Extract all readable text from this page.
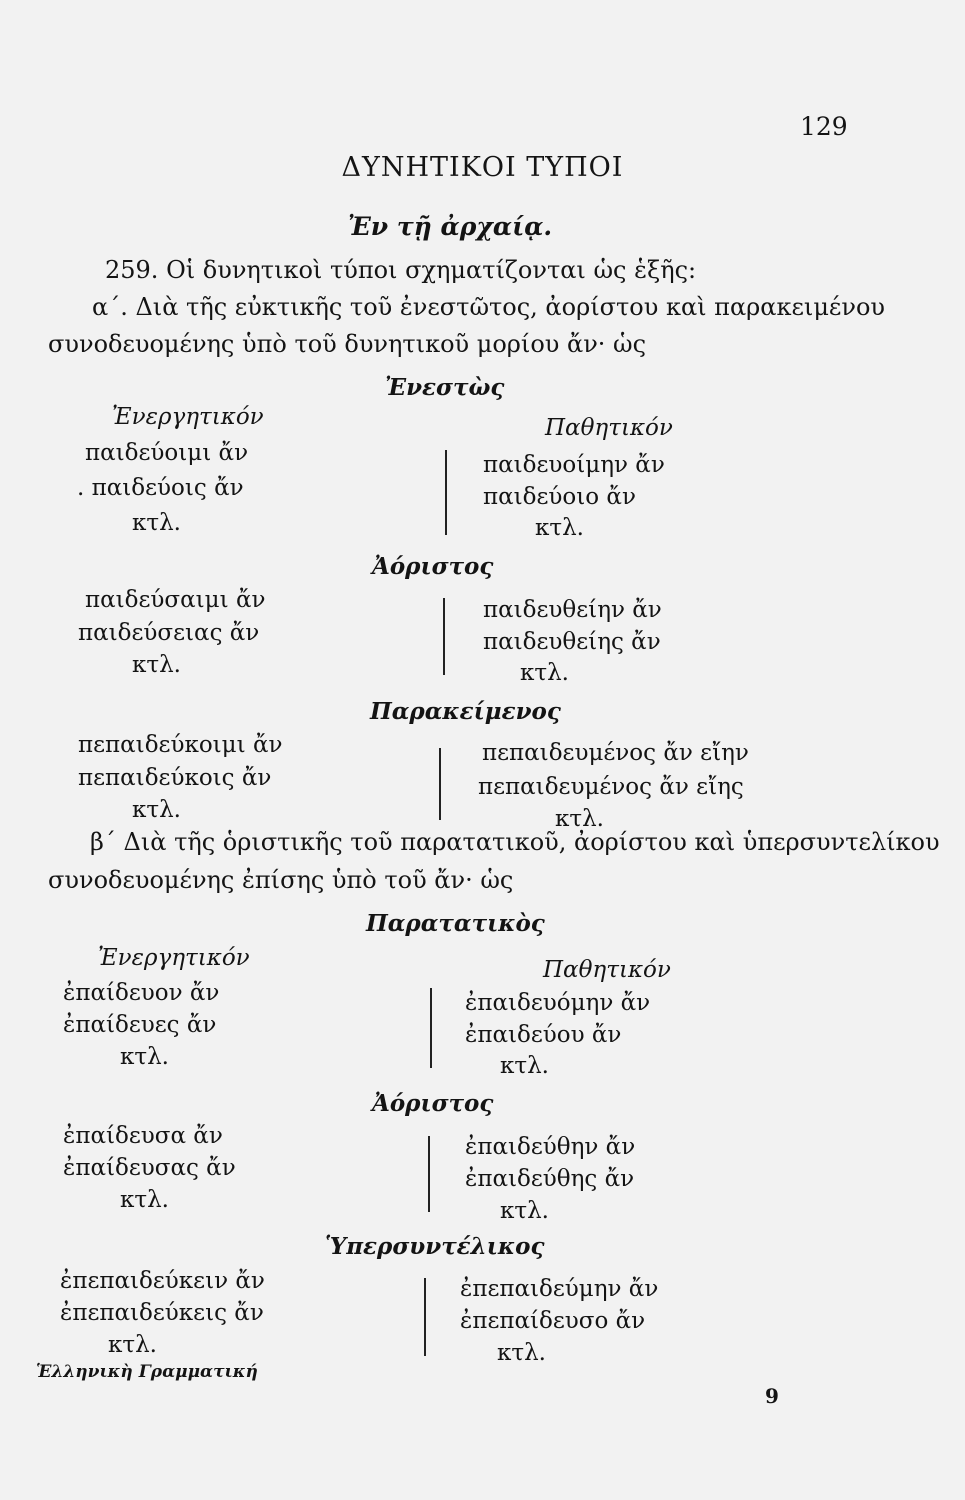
129
ΔΥΝΗΤΙΚΟΙ ΤΥΠΟΙ
Ἐν τῇ ἀρχαίᾳ.
259. Οἱ δυνητικοὶ τύποι σχηματίζονται ὡς ἑξῆς:
α΄. Διὰ τῆς εὐκτικῆς τοῦ ἐνεστῶτος, ἀορίστου καὶ παρακειμένου
συνοδευομένης ὑπὸ τοῦ δυνητικοῦ μορίου ἄν· ὡς
Ἐνεστὼς
Ἐνεργητικόν	Παθητικόν
παιδεύοιμι ἄν
. παιδεύοις ἄν
κτλ.
παιδευοίμην ἄν
παιδεύοιο ἄν
κτλ.
Ἀόριστος
παιδεύσαιμι ἄν
παιδεύσειας ἄν
κτλ.
παιδευθείην ἄν
παιδευθείης ἄν
κτλ.
Παρακείμενος
πεπαιδεύκοιμι ἄν
πεπαιδεύκοις ἄν
κτλ.
πεπαιδευμένος ἄν εἴην
πεπαιδευμένος ἄν εἴης
κτλ.
β΄ Διὰ τῆς ὁριστικῆς τοῦ παρατατικοῦ, ἀορίστου καὶ ὑπερσυντελίκου
συνοδευομένης ἐπίσης ὑπὸ τοῦ ἄν· ὡς
Παρατατικὸς
Ἐνεργητικόν	Παθητικόν
ἐπαίδευον ἄν
ἐπαίδευες ἄν
κτλ.
ἐπαιδευόμην ἄν
ἐπαιδεύου ἄν
κτλ.
Ἀόριστος
ἐπαίδευσα ἄν
ἐπαίδευσας ἄν
κτλ.
ἐπαιδεύθην ἄν
ἐπαιδεύθης ἄν
κτλ.
Ὑπερσυντέλικος
ἐπεπαιδεύκειν ἄν
ἐπεπαιδεύκεις ἄν
κτλ.
ἐπεπαιδεύμην ἄν
ἐπεπαίδευσο ἄν
κτλ.
Ἑλληνικὴ Γραμματική
9
